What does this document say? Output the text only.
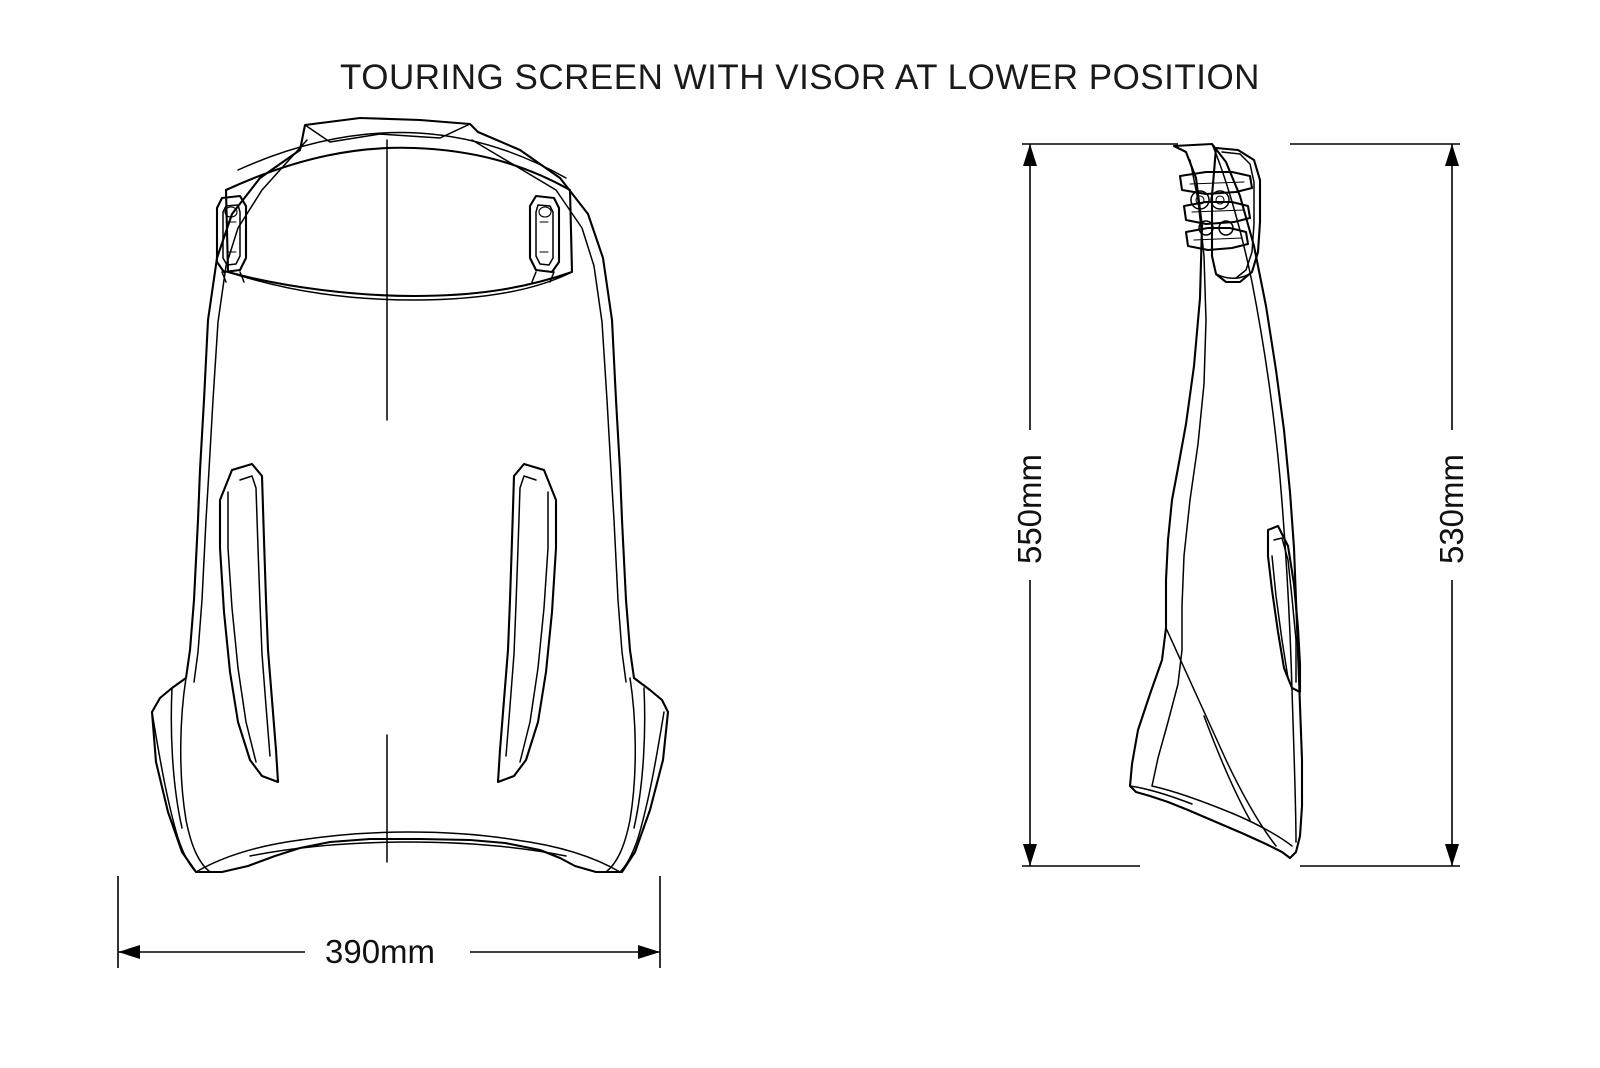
TOURING SCREEN WITH VISOR AT LOWER POSITION
390mm
550mm	530mm
